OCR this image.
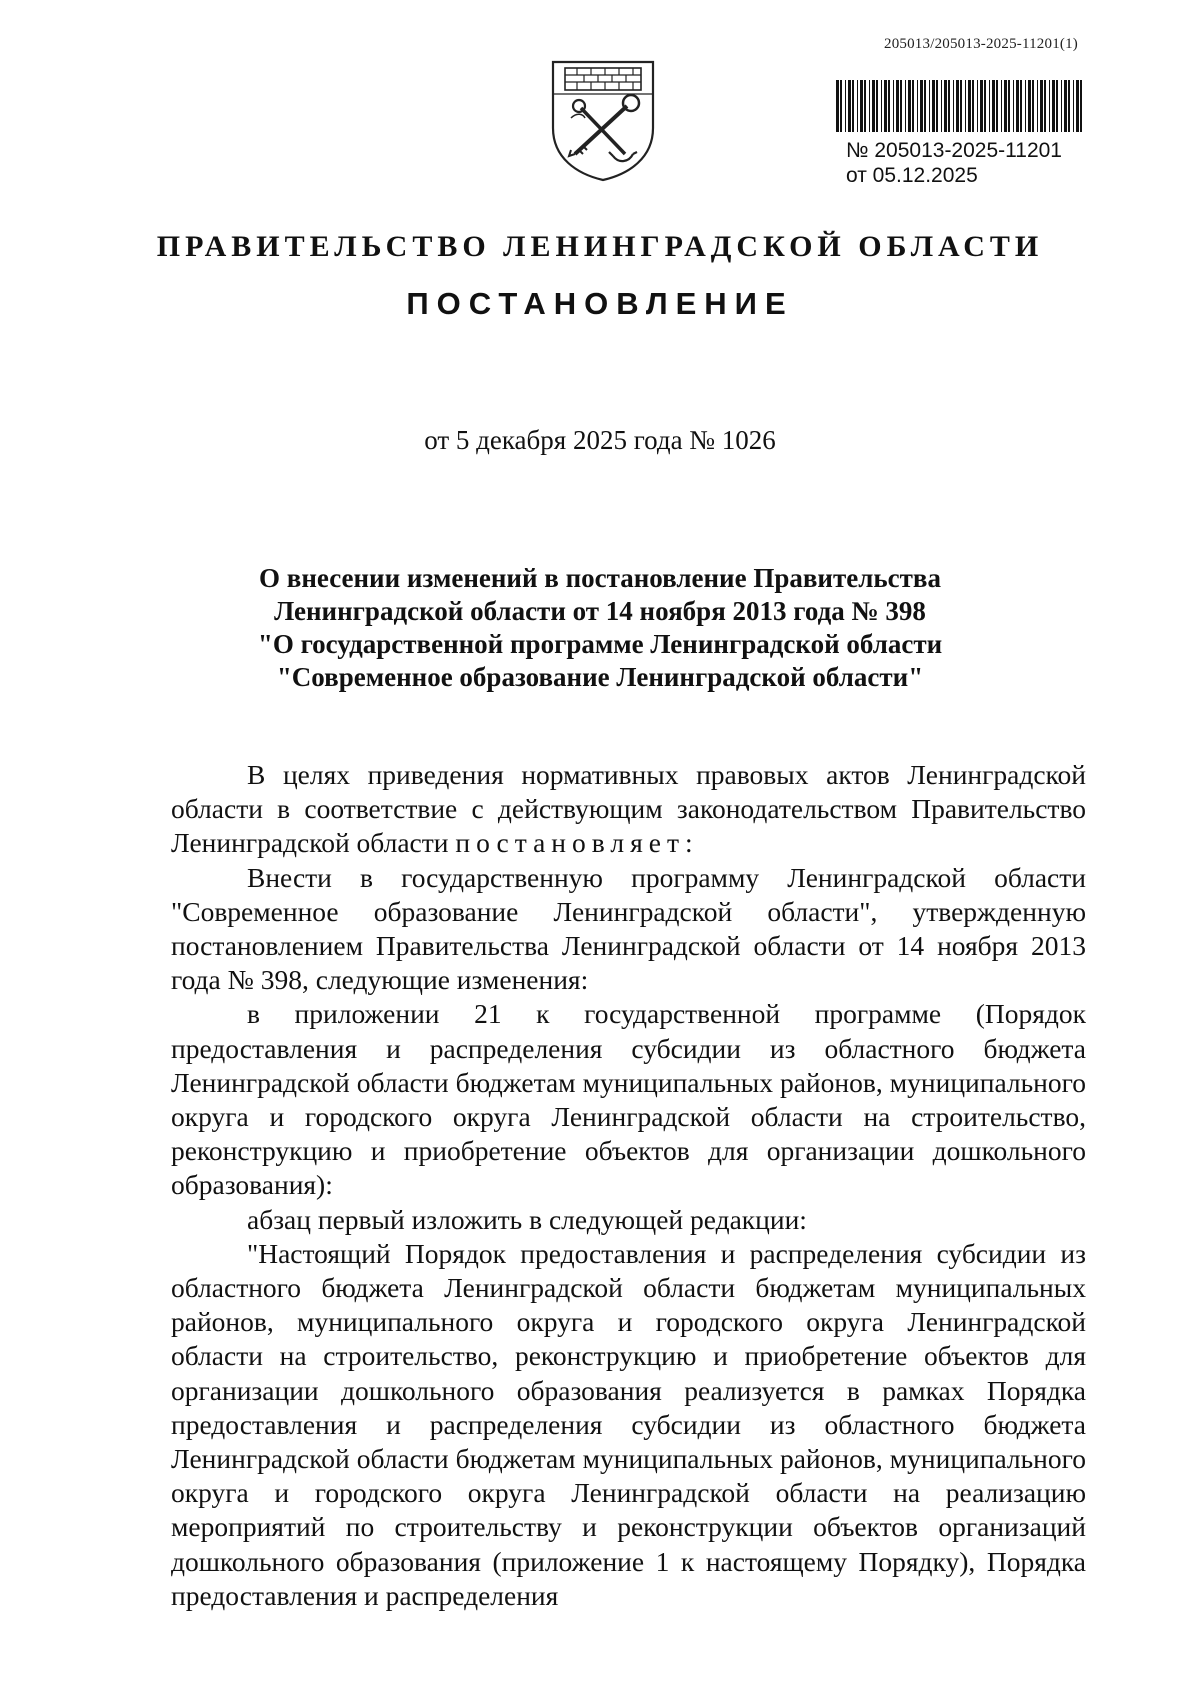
205013/205013-2025-11201(1)
№ 205013-2025-11201
от 05.12.2025
ПРАВИТЕЛЬСТВО ЛЕНИНГРАДСКОЙ ОБЛАСТИ
ПОСТАНОВЛЕНИЕ
от 5 декабря 2025 года № 1026
О внесении изменений в постановление Правительства
Ленинградской области от 14 ноября 2013 года № 398
"О государственной программе Ленинградской области
"Современное образование Ленинградской области"

В целях приведения нормативных правовых актов Ленинградской области в соответствие с действующим законодательством Правительство Ленинградской области постановляет:

Внести в государственную программу Ленинградской области "Современное образование Ленинградской области", утвержденную постановлением Правительства Ленинградской области от 14 ноября 2013 года № 398, следующие изменения:

в приложении 21 к государственной программе (Порядок предоставления и распределения субсидии из областного бюджета Ленинградской области бюджетам муниципальных районов, муниципального округа и городского округа Ленинградской области на строительство, реконструкцию и приобретение объектов для организации дошкольного образования):

абзац первый изложить в следующей редакции:

"Настоящий Порядок предоставления и распределения субсидии из областного бюджета Ленинградской области бюджетам муниципальных районов, муниципального округа и городского округа Ленинградской области на строительство, реконструкцию и приобретение объектов для организации дошкольного образования реализуется в рамках Порядка предоставления и распределения субсидии из областного бюджета Ленинградской области бюджетам муниципальных районов, муниципального округа и городского округа Ленинградской области на реализацию мероприятий по строительству и реконструкции объектов организаций дошкольного образования (приложение 1 к настоящему Порядку), Порядка предоставления и распределения
